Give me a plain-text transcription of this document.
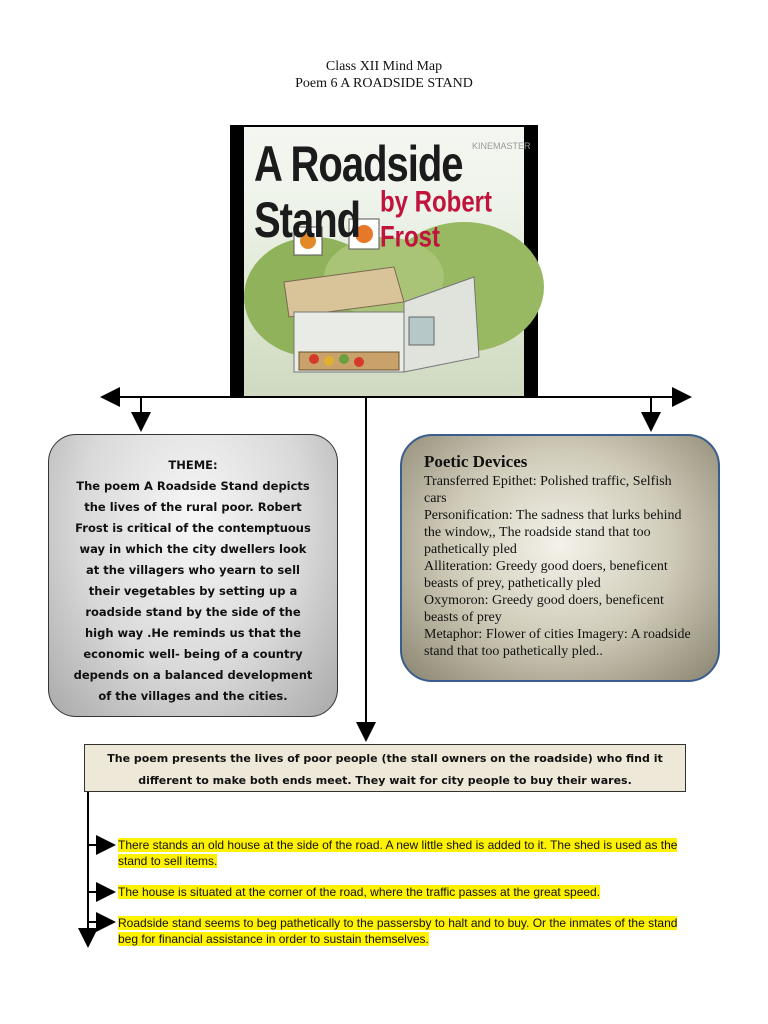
Class XII Mind Map
Poem 6 A ROADSIDE STAND
A Roadside Stand by Robert Frost
KINEMASTER
THEME:
The poem A Roadside Stand depicts the lives of the rural poor. Robert Frost is critical of the contemptuous way in which the city dwellers look at the villagers who yearn to sell their vegetables by setting up a roadside stand by the side of the high way .He reminds us that the economic well- being of a country depends on a balanced development of the villages and the cities.
Poetic Devices
Transferred Epithet: Polished traffic, Selfish cars
Personification: The sadness that lurks behind the window,, The roadside stand that too pathetically pled
Alliteration: Greedy good doers, beneficent beasts of prey, pathetically pled
Oxymoron: Greedy good doers, beneficent beasts of prey
Metaphor: Flower of cities Imagery: A roadside stand that too pathetically pled..
The poem presents the lives of poor people (the stall owners on the roadside) who find it different to make both ends meet. They wait for city people to buy their wares.
There stands an old house at the side of the road. A new little shed is added to it. The shed is used as the stand to sell items.
The house is situated at the corner of the road, where the traffic passes at the great speed.
Roadside stand seems to beg pathetically to the passersby to halt and to buy. Or the inmates of the stand beg for financial assistance in order to sustain themselves.
